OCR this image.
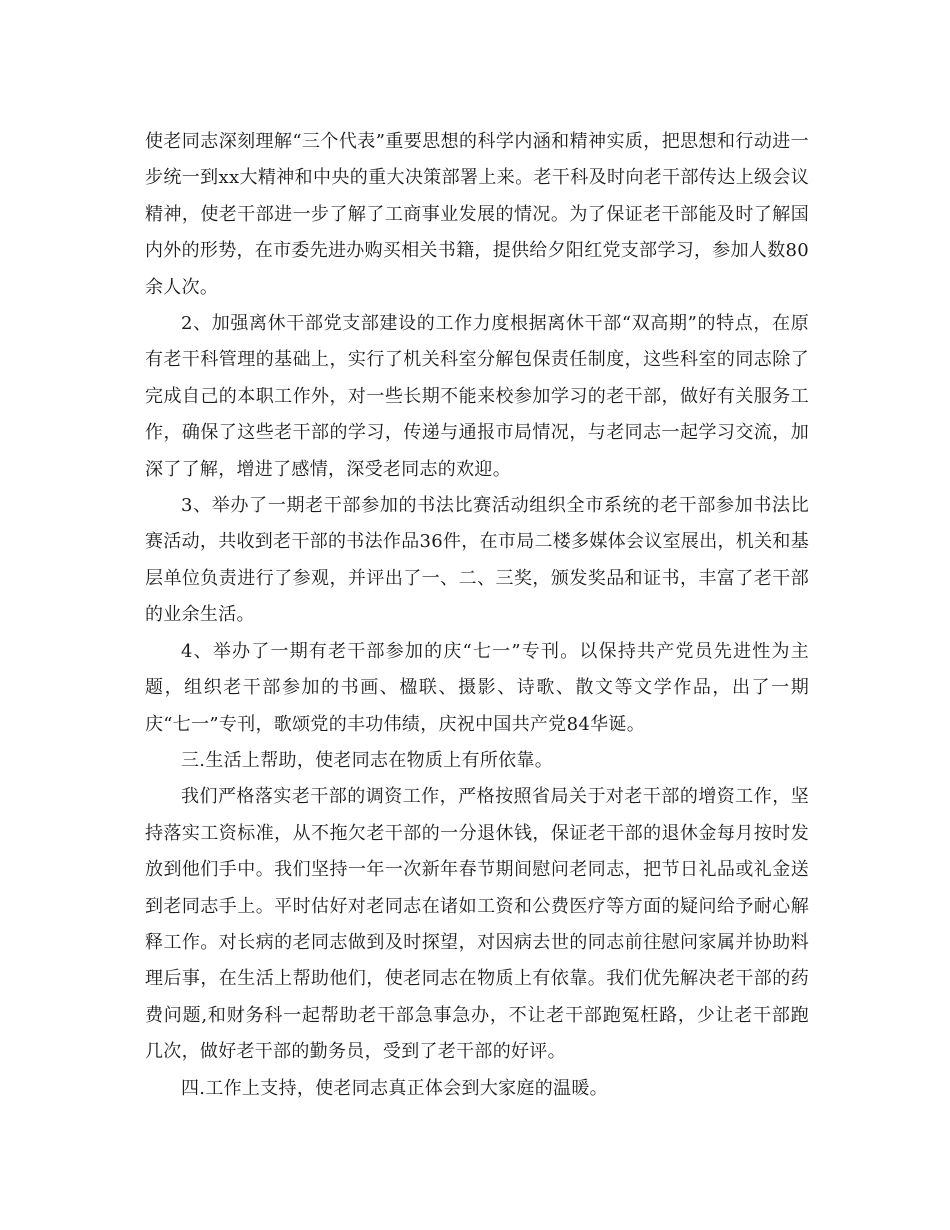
使老同志深刻理解“三个代表”重要思想的科学内涵和精神实质，把思想和行动进一步统一到xx大精神和中央的重大决策部署上来。老干科及时向老干部传达上级会议精神，使老干部进一步了解了工商事业发展的情况。为了保证老干部能及时了解国内外的形势，在市委先进办购买相关书籍，提供给夕阳红党支部学习，参加人数80余人次。

2、加强离休干部党支部建设的工作力度根据离休干部“双高期”的特点，在原有老干科管理的基础上，实行了机关科室分解包保责任制度，这些科室的同志除了完成自己的本职工作外，对一些长期不能来校参加学习的老干部，做好有关服务工作，确保了这些老干部的学习，传递与通报市局情况，与老同志一起学习交流，加深了了解，增进了感情，深受老同志的欢迎。

3、举办了一期老干部参加的书法比赛活动组织全市系统的老干部参加书法比赛活动，共收到老干部的书法作品36件，在市局二楼多媒体会议室展出，机关和基层单位负责进行了参观，并评出了一、二、三奖，颁发奖品和证书，丰富了老干部的业余生活。

4、举办了一期有老干部参加的庆“七一”专刊。以保持共产党员先进性为主题，组织老干部参加的书画、楹联、摄影、诗歌、散文等文学作品，出了一期庆“七一”专刊，歌颂党的丰功伟绩，庆祝中国共产党84华诞。

三.生活上帮助，使老同志在物质上有所依靠。

我们严格落实老干部的调资工作，严格按照省局关于对老干部的增资工作，坚持落实工资标准，从不拖欠老干部的一分退休钱，保证老干部的退休金每月按时发放到他们手中。我们坚持一年一次新年春节期间慰问老同志，把节日礼品或礼金送到老同志手上。平时估好对老同志在诸如工资和公费医疗等方面的疑问给予耐心解释工作。对长病的老同志做到及时探望，对因病去世的同志前往慰问家属并协助料理后事，在生活上帮助他们，使老同志在物质上有依靠。我们优先解决老干部的药费问题,和财务科一起帮助老干部急事急办，不让老干部跑冤枉路，少让老干部跑几次，做好老干部的勤务员，受到了老干部的好评。

四.工作上支持，使老同志真正体会到大家庭的温暖。
